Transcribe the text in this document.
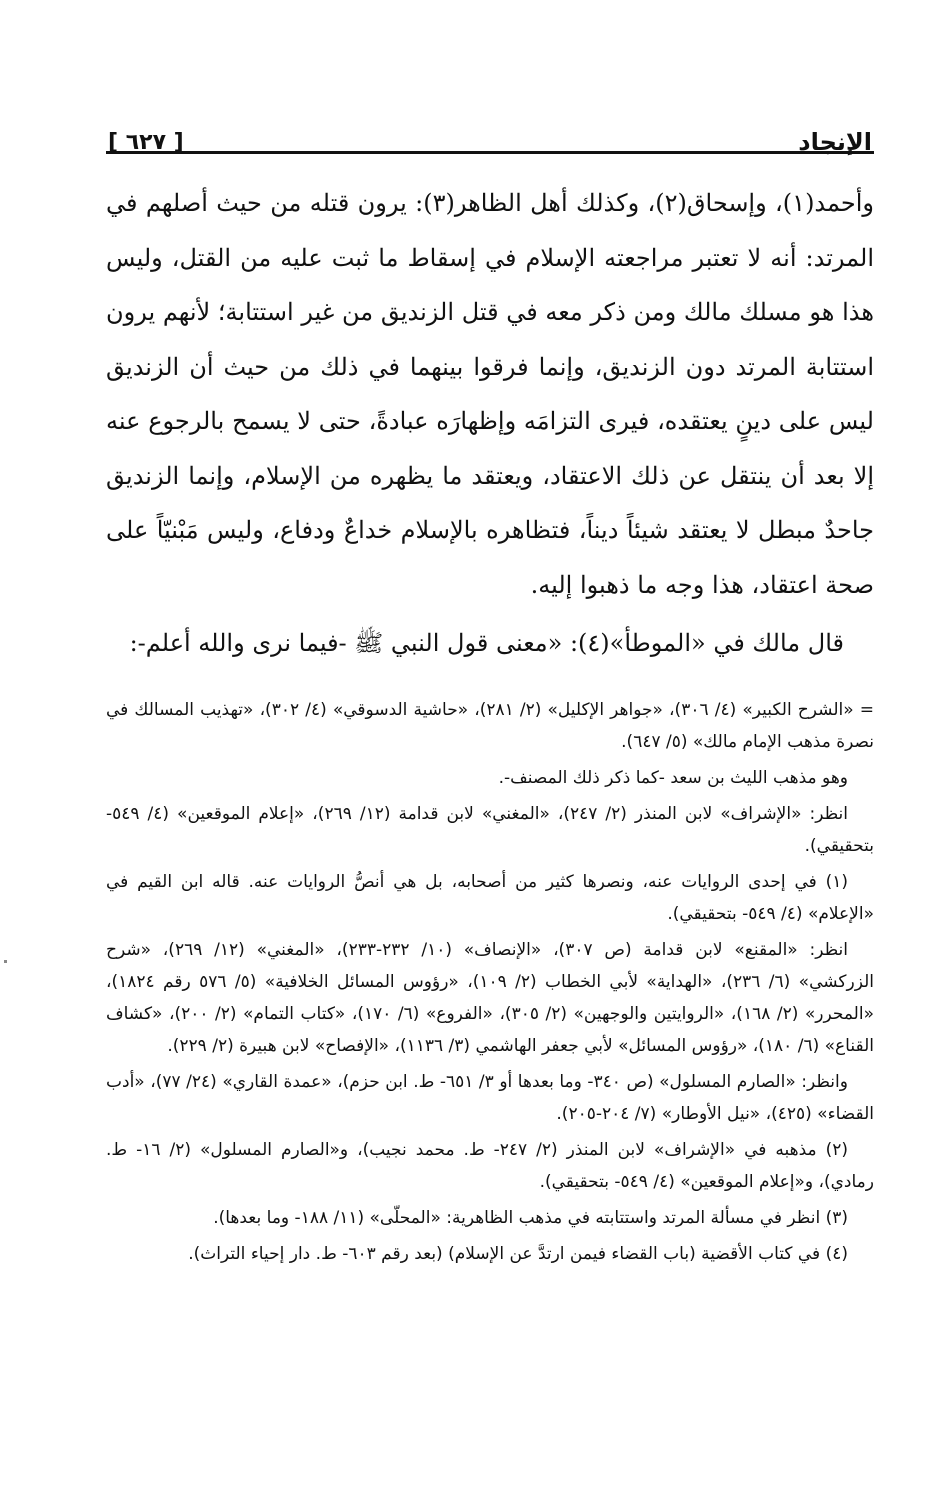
الإنجاد
[ ٦٢٧ ]

وأحمد(١)، وإسحاق(٢)، وكذلك أهل الظاهر(٣): يرون قتله من حيث أصلهم في المرتد: أنه لا تعتبر مراجعته الإسلام في إسقاط ما ثبت عليه من القتل، وليس هذا هو مسلك مالك ومن ذكر معه في قتل الزنديق من غير استتابة؛ لأنهم يرون استتابة المرتد دون الزنديق، وإنما فرقوا بينهما في ذلك من حيث أن الزنديق ليس على دينٍ يعتقده، فيرى التزامَه وإظهارَه عبادةً، حتى لا يسمح بالرجوع عنه إلا بعد أن ينتقل عن ذلك الاعتقاد، ويعتقد ما يظهره من الإسلام، وإنما الزنديق جاحدٌ مبطل لا يعتقد شيئاً ديناً، فتظاهره بالإسلام خداعٌ ودفاع، وليس مَبْنيّاً على صحة اعتقاد، هذا وجه ما ذهبوا إليه.

قال مالك في «الموطأ»(٤): «معنى قول النبي ﷺ -فيما نرى والله أعلم-:

= «الشرح الكبير» (٤/ ٣٠٦)، «جواهر الإكليل» (٢/ ٢٨١)، «حاشية الدسوقي» (٤/ ٣٠٢)، «تهذيب المسالك في نصرة مذهب الإمام مالك» (٥/ ٦٤٧).

وهو مذهب الليث بن سعد -كما ذكر ذلك المصنف-.

انظر: «الإشراف» لابن المنذر (٢/ ٢٤٧)، «المغني» لابن قدامة (١٢/ ٢٦٩)، «إعلام الموقعين» (٤/ ٥٤٩- بتحقيقي).

(١) في إحدى الروايات عنه، ونصرها كثير من أصحابه، بل هي أنصُّ الروايات عنه. قاله ابن القيم في «الإعلام» (٤/ ٥٤٩- بتحقيقي).

انظر: «المقنع» لابن قدامة (ص ٣٠٧)، «الإنصاف» (١٠/ ٢٣٢-٢٣٣)، «المغني» (١٢/ ٢٦٩)، «شرح الزركشي» (٦/ ٢٣٦)، «الهداية» لأبي الخطاب (٢/ ١٠٩)، «رؤوس المسائل الخلافية» (٥/ ٥٧٦ رقم ١٨٢٤)، «المحرر» (٢/ ١٦٨)، «الروايتين والوجهين» (٢/ ٣٠٥)، «الفروع» (٦/ ١٧٠)، «كتاب التمام» (٢/ ٢٠٠)، «كشاف القناع» (٦/ ١٨٠)، «رؤوس المسائل» لأبي جعفر الهاشمي (٣/ ١١٣٦)، «الإفصاح» لابن هبيرة (٢/ ٢٢٩).

وانظر: «الصارم المسلول» (ص ٣٤٠- وما بعدها أو ٣/ ٦٥١- ط. ابن حزم)، «عمدة القاري» (٢٤/ ٧٧)، «أدب القضاء» (٤٢٥)، «نيل الأوطار» (٧/ ٢٠٤-٢٠٥).

(٢) مذهبه في «الإشراف» لابن المنذر (٢/ ٢٤٧- ط. محمد نجيب)، و«الصارم المسلول» (٢/ ١٦- ط. رمادي)، و«إعلام الموقعين» (٤/ ٥٤٩- بتحقيقي).

(٣) انظر في مسألة المرتد واستتابته في مذهب الظاهرية: «المحلّى» (١١/ ١٨٨- وما بعدها).

(٤) في كتاب الأقضية (باب القضاء فيمن ارتدَّ عن الإسلام) (بعد رقم ٦٠٣- ط. دار إحياء التراث).
